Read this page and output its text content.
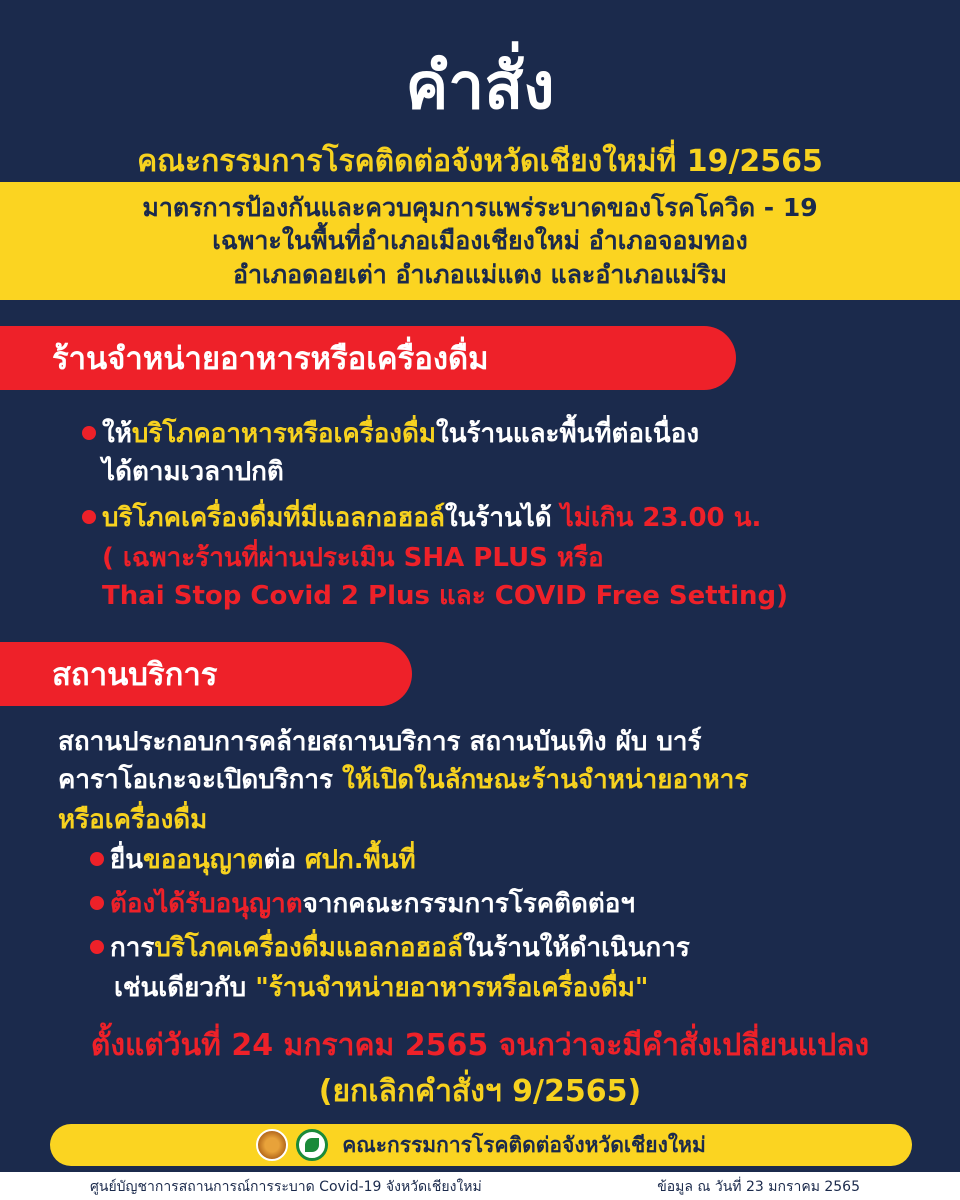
คำสั่ง
คณะกรรมการโรคติดต่อจังหวัดเชียงใหม่ที่ 19/2565
มาตรการป้องกันและควบคุมการแพร่ระบาดของโรคโควิด - 19
เฉพาะในพื้นที่อำเภอเมืองเชียงใหม่ อำเภอจอมทอง
อำเภอดอยเต่า อำเภอแม่แตง และอำเภอแม่ริม
ร้านจำหน่ายอาหารหรือเครื่องดื่ม
ให้บริโภคอาหารหรือเครื่องดื่มในร้านและพื้นที่ต่อเนื่อง
ได้ตามเวลาปกติ
บริโภคเครื่องดื่มที่มีแอลกอฮอล์ในร้านได้ ไม่เกิน 23.00 น.
( เฉพาะร้านที่ผ่านประเมิน SHA PLUS หรือ
Thai Stop Covid 2 Plus และ COVID Free Setting)
สถานบริการ
สถานประกอบการคล้ายสถานบริการ สถานบันเทิง ผับ บาร์
คาราโอเกะจะเปิดบริการ ให้เปิดในลักษณะร้านจำหน่ายอาหาร
หรือเครื่องดื่ม
ยื่นขออนุญาตต่อ ศปก.พื้นที่
ต้องได้รับอนุญาตจากคณะกรรมการโรคติดต่อฯ
การบริโภคเครื่องดื่มแอลกอฮอล์ในร้านให้ดำเนินการ
เช่นเดียวกับ "ร้านจำหน่ายอาหารหรือเครื่องดื่ม"
ตั้งแต่วันที่ 24 มกราคม 2565 จนกว่าจะมีคำสั่งเปลี่ยนแปลง
(ยกเลิกคำสั่งฯ 9/2565)
คณะกรรมการโรคติดต่อจังหวัดเชียงใหม่
ศูนย์บัญชาการสถานการณ์การระบาด Covid-19 จังหวัดเชียงใหม่	ข้อมูล ณ วันที่ 23 มกราคม 2565
